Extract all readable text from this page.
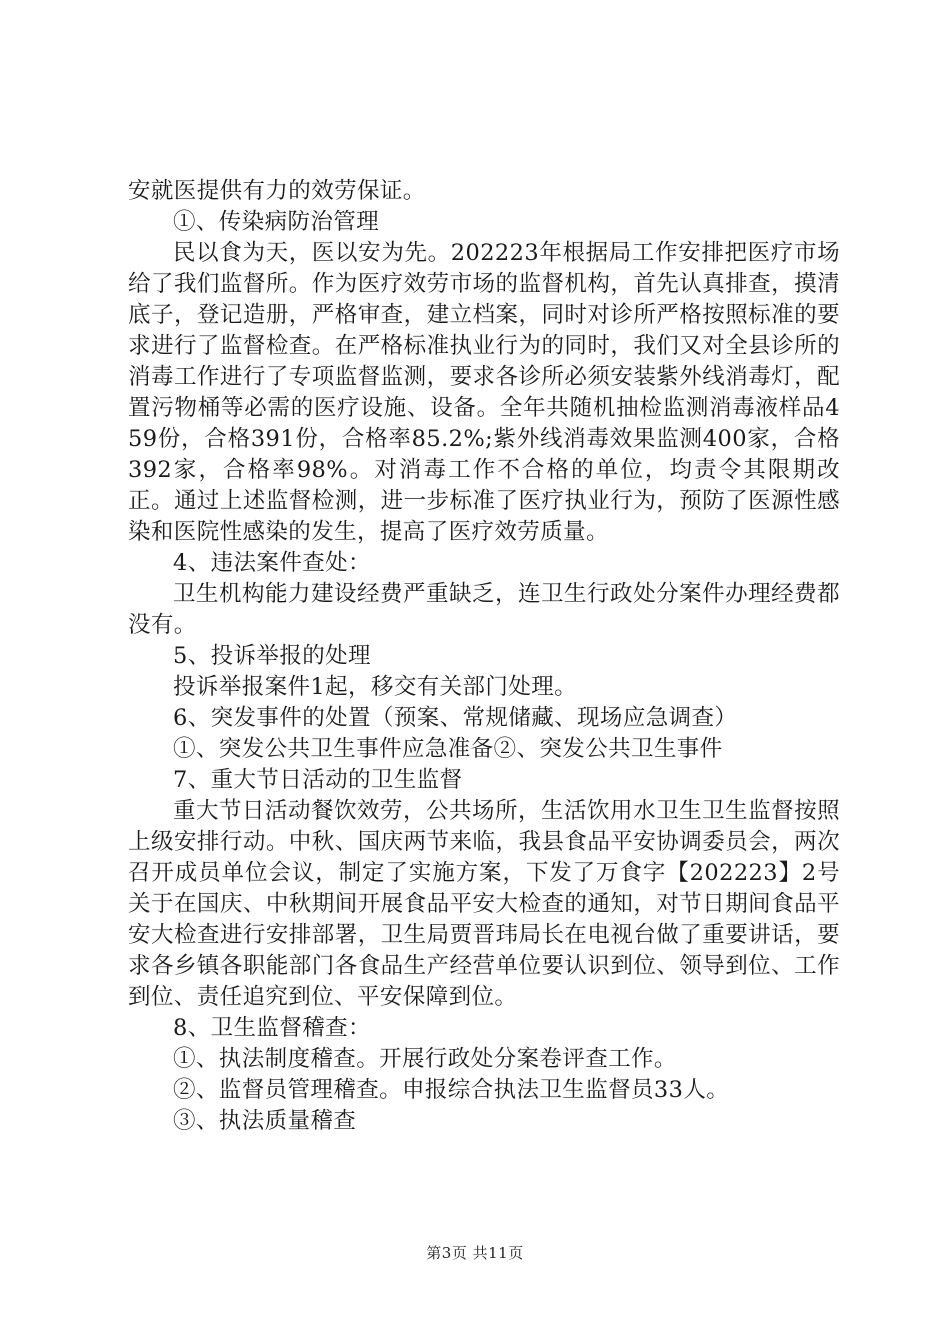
安就医提供有力的效劳保证。

①、传染病防治管理

民以食为天，医以安为先。202223年根据局工作安排把医疗市场给了我们监督所。作为医疗效劳市场的监督机构，首先认真排查，摸清底子，登记造册，严格审查，建立档案，同时对诊所严格按照标准的要求进行了监督检查。在严格标准执业行为的同时，我们又对全县诊所的消毒工作进行了专项监督监测，要求各诊所必须安装紫外线消毒灯，配置污物桶等必需的医疗设施、设备。全年共随机抽检监测消毒液样品459份，合格391份，合格率85.2%;紫外线消毒效果监测400家，合格392家，合格率98%。对消毒工作不合格的单位，均责令其限期改正。通过上述监督检测，进一步标准了医疗执业行为，预防了医源性感染和医院性感染的发生，提高了医疗效劳质量。

4、违法案件查处：

卫生机构能力建设经费严重缺乏，连卫生行政处分案件办理经费都没有。

5、投诉举报的处理

投诉举报案件1起，移交有关部门处理。

6、突发事件的处置（预案、常规储藏、现场应急调查）

①、突发公共卫生事件应急准备②、突发公共卫生事件

7、重大节日活动的卫生监督

重大节日活动餐饮效劳，公共场所，生活饮用水卫生卫生监督按照上级安排行动。中秋、国庆两节来临，我县食品平安协调委员会，两次召开成员单位会议，制定了实施方案，下发了万食字【202223】2号关于在国庆、中秋期间开展食品平安大检查的通知，对节日期间食品平安大检查进行安排部署，卫生局贾晋玮局长在电视台做了重要讲话，要求各乡镇各职能部门各食品生产经营单位要认识到位、领导到位、工作到位、责任追究到位、平安保障到位。

8、卫生监督稽查：

①、执法制度稽查。开展行政处分案卷评查工作。

②、监督员管理稽查。申报综合执法卫生监督员33人。

③、执法质量稽查

第3页 共11页
